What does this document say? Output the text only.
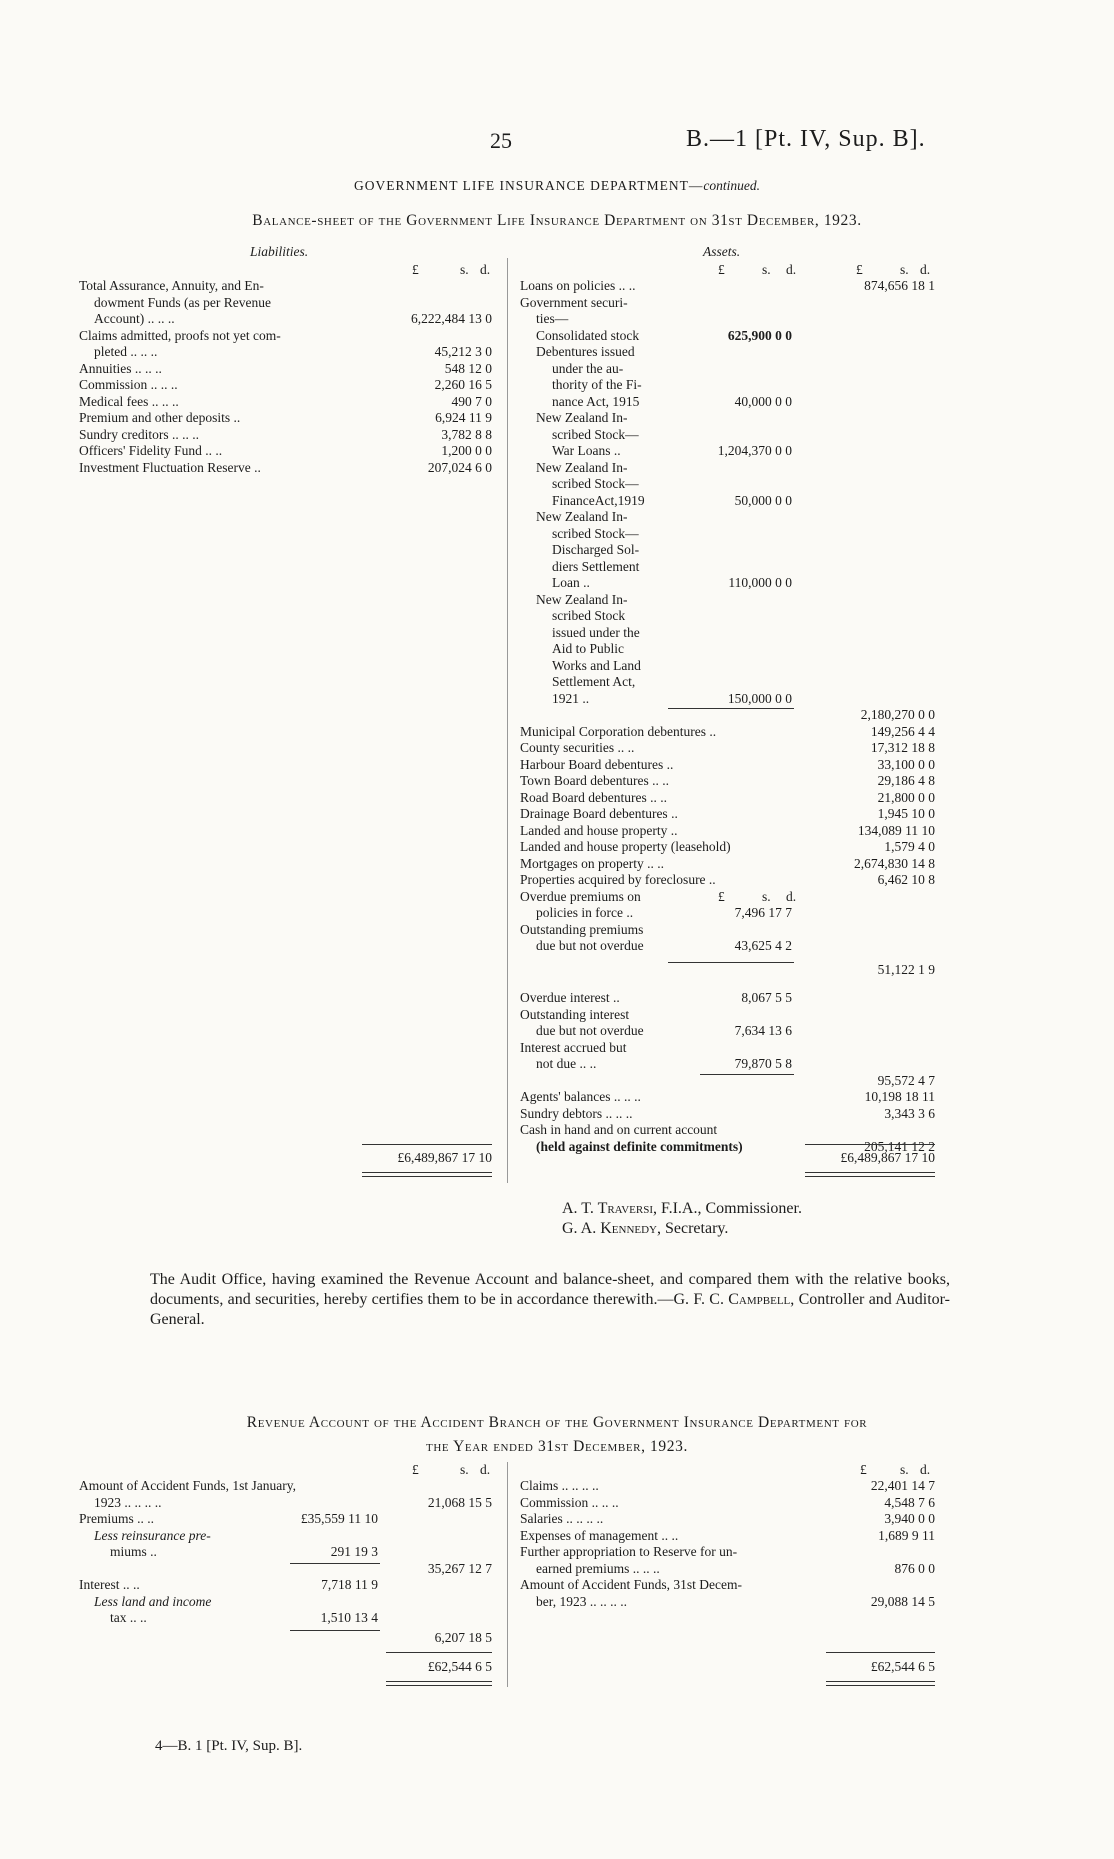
25	B.—1 [Pt. IV, Sup. B].
GOVERNMENT LIFE INSURANCE DEPARTMENT—continued.
Balance-sheet of the Government Life Insurance Department on 31st December, 1923.
Liabilities.
£	s. d.
Assets.
£	s. d.	£	s. d.
Total Assurance, Annuity, and En-
dowment Funds (as per Revenue
Account) .. .. ..	6,222,484 13 0
Claims admitted, proofs not yet com-
pleted .. .. ..	45,212 3 0
Annuities .. .. ..	548 12 0
Commission .. .. ..	2,260 16 5
Medical fees .. .. ..	490 7 0
Premium and other deposits ..	6,924 11 9
Sundry creditors .. .. ..	3,782 8 8
Officers' Fidelity Fund .. ..	1,200 0 0
Investment Fluctuation Reserve ..	207,024 6 0
£6,489,867 17 10
Loans on policies .. ..	874,656 18 1
Government securi-
ties—
Consolidated stock	625,900 0 0
Debentures issued
under the au-
thority of the Fi-
nance Act, 1915	40,000 0 0
New Zealand In-
scribed Stock—
War Loans ..	1,204,370 0 0
New Zealand In-
scribed Stock—
FinanceAct,1919	50,000 0 0
New Zealand In-
scribed Stock—
Discharged Sol-
diers Settlement
Loan ..	110,000 0 0
New Zealand In-
scribed Stock
issued under the
Aid to Public
Works and Land
Settlement Act,
1921 ..	150,000 0 0
2,180,270 0 0
Municipal Corporation debentures ..	149,256 4 4
County securities .. ..	17,312 18 8
Harbour Board debentures ..	33,100 0 0
Town Board debentures .. ..	29,186 4 8
Road Board debentures .. ..	21,800 0 0
Drainage Board debentures ..	1,945 10 0
Landed and house property ..	134,089 11 10
Landed and house property (leasehold)	1,579 4 0
Mortgages on property .. ..	2,674,830 14 8
Properties acquired by foreclosure ..	6,462 10 8
Overdue premiums on	£	s. d.
policies in force ..	7,496 17 7
Outstanding premiums
due but not overdue	43,625 4 2
51,122 1 9
Overdue interest ..	8,067 5 5
Outstanding interest
due but not overdue	7,634 13 6
Interest accrued but
not due .. ..	79,870 5 8
95,572 4 7
Agents' balances .. .. ..	10,198 18 11
Sundry debtors .. .. ..	3,343 3 6
Cash in hand and on current account
(held against definite commitments)	205,141 12 2
£6,489,867 17 10
A. T. Traversi, F.I.A., Commissioner.
G. A. Kennedy, Secretary.
The Audit Office, having examined the Revenue Account and balance-sheet, and compared them with the relative books, documents, and securities, hereby certifies them to be in accordance therewith.—G. F. C. Campbell, Controller and Auditor-General.
Revenue Account of the Accident Branch of the Government Insurance Department for
the Year ended 31st December, 1923.
£	s. d.	£ s. d.
Amount of Accident Funds, 1st January,
1923 .. .. .. ..	21,068 15 5
Premiums .. ..	£35,559 11 10
Less reinsurance pre-
miums ..	291 19 3
35,267 12 7
Interest .. ..	7,718 11 9
Less land and income
tax .. ..	1,510 13 4
6,207 18 5
£62,544 6 5
Claims .. .. .. ..	22,401 14 7
Commission .. .. ..	4,548 7 6
Salaries .. .. .. ..	3,940 0 0
Expenses of management .. ..	1,689 9 11
Further appropriation to Reserve for un-
earned premiums .. .. ..	876 0 0
Amount of Accident Funds, 31st Decem-
ber, 1923 .. .. .. ..	29,088 14 5
£62,544 6 5
4—B. 1 [Pt. IV, Sup. B].
